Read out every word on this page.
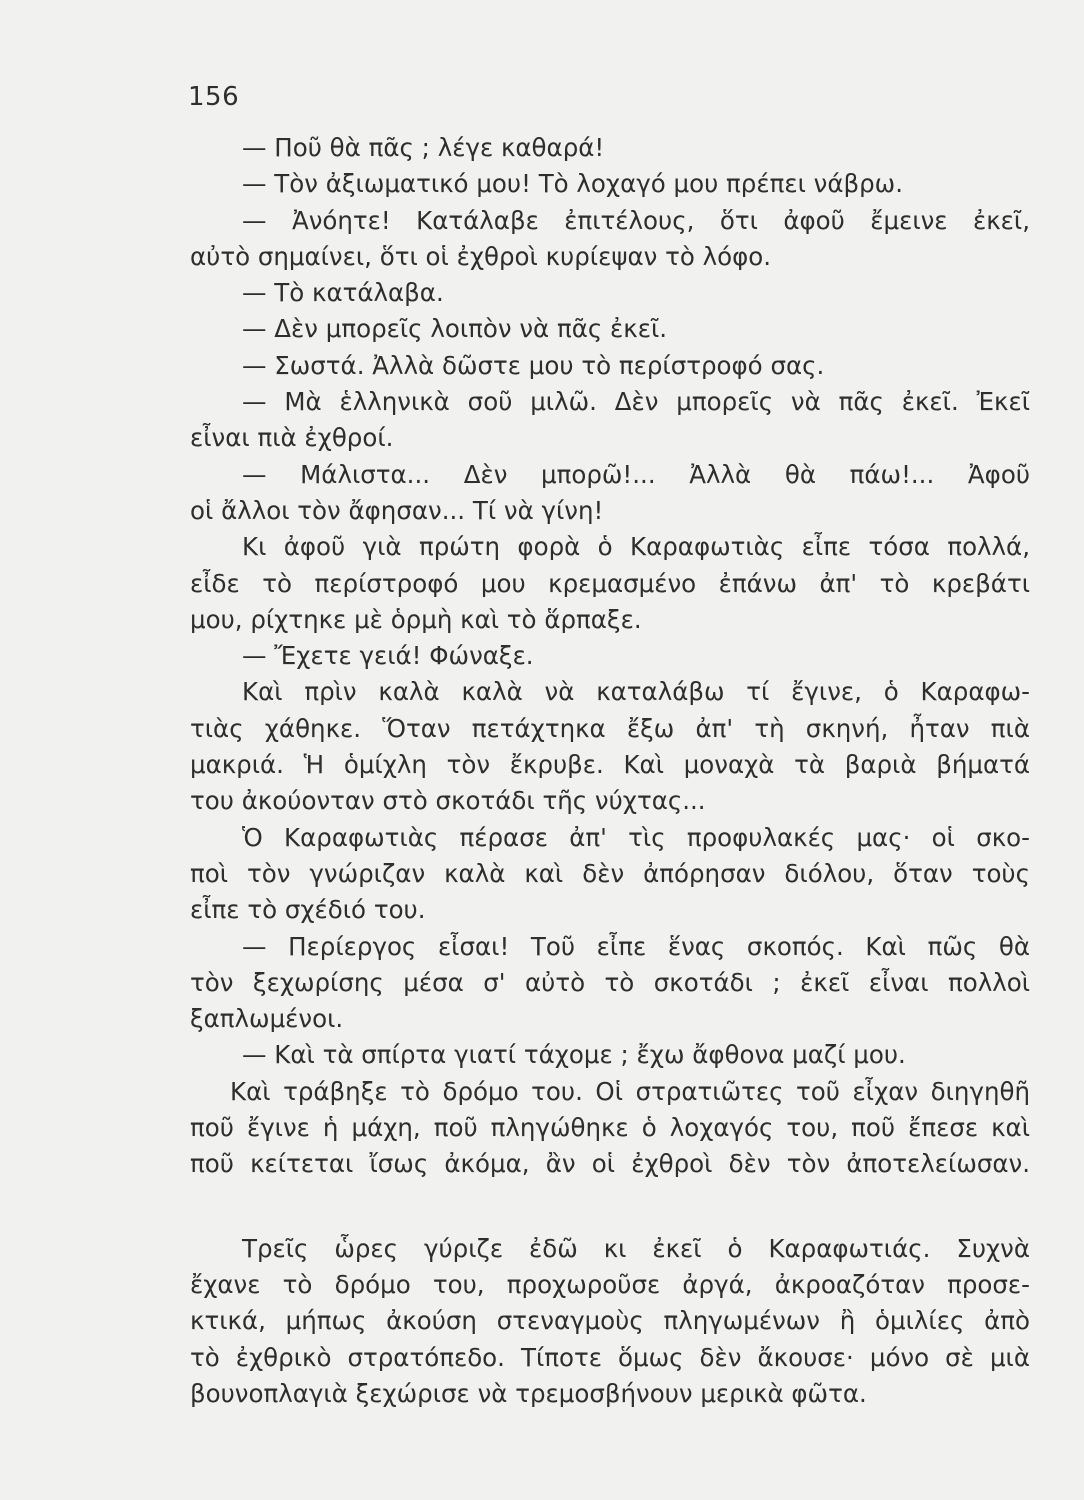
156
— Ποῦ θὰ πᾶς ; λέγε καθαρά!
— Τὸν ἀξιωματικό μου! Τὸ λοχαγό μου πρέπει νάβρω.
— Ἀνόητε! Κατάλαβε ἐπιτέλους, ὅτι ἀφοῦ ἔμεινε ἐκεῖ,
αὐτὸ σημαίνει, ὅτι οἱ ἐχθροὶ κυρίεψαν τὸ λόφο.
— Τὸ κατάλαβα.
— Δὲν μπορεῖς λοιπὸν νὰ πᾶς ἐκεῖ.
— Σωστά. Ἀλλὰ δῶστε μου τὸ περίστροφό σας.
— Μὰ ἑλληνικὰ σοῦ μιλῶ. Δὲν μπορεῖς νὰ πᾶς ἐκεῖ. Ἐκεῖ
εἶναι πιὰ ἐχθροί.
— Μάλιστα... Δὲν μπορῶ!... Ἀλλὰ θὰ πάω!... Ἀφοῦ
οἱ ἄλλοι τὸν ἄφησαν... Τί νὰ γίνη!
Κι ἀφοῦ γιὰ πρώτη φορὰ ὁ Καραφωτιὰς εἶπε τόσα πολλά,
εἶδε τὸ περίστροφό μου κρεμασμένο ἐπάνω ἀπ' τὸ κρεβάτι
μου, ρίχτηκε μὲ ὁρμὴ καὶ τὸ ἅρπαξε.
— Ἔχετε γειά! Φώναξε.
Καὶ πρὶν καλὰ καλὰ νὰ καταλάβω τί ἔγινε, ὁ Καραφω-
τιὰς χάθηκε. Ὅταν πετάχτηκα ἔξω ἀπ' τὴ σκηνή, ἦταν πιὰ
μακριά. Ἡ ὁμίχλη τὸν ἔκρυβε. Καὶ μοναχὰ τὰ βαριὰ βήματά
του ἀκούονταν στὸ σκοτάδι τῆς νύχτας...
Ὁ Καραφωτιὰς πέρασε ἀπ' τὶς προφυλακές μας· οἱ σκο-
ποὶ τὸν γνώριζαν καλὰ καὶ δὲν ἀπόρησαν διόλου, ὅταν τοὺς
εἶπε τὸ σχέδιό του.
— Περίεργος εἶσαι! Τοῦ εἶπε ἕνας σκοπός. Καὶ πῶς θὰ
τὸν ξεχωρίσης μέσα σ' αὐτὸ τὸ σκοτάδι ; ἐκεῖ εἶναι πολλοὶ
ξαπλωμένοι.
— Καὶ τὰ σπίρτα γιατί τάχομε ; ἔχω ἄφθονα μαζί μου.
Καὶ τράβηξε τὸ δρόμο του. Οἱ στρατιῶτες τοῦ εἶχαν διηγηθῆ
ποῦ ἔγινε ἡ μάχη, ποῦ πληγώθηκε ὁ λοχαγός του, ποῦ ἔπεσε καὶ
ποῦ κείτεται ἴσως ἀκόμα, ἂν οἱ ἐχθροὶ δὲν τὸν ἀποτελείωσαν.
Τρεῖς ὧρες γύριζε ἐδῶ κι ἐκεῖ ὁ Καραφωτιάς. Συχνὰ
ἔχανε τὸ δρόμο του, προχωροῦσε ἀργά, ἀκροαζόταν προσε-
κτικά, μήπως ἀκούση στεναγμοὺς πληγωμένων ἢ ὁμιλίες ἀπὸ
τὸ ἐχθρικὸ στρατόπεδο. Τίποτε ὅμως δὲν ἄκουσε· μόνο σὲ μιὰ
βουνοπλαγιὰ ξεχώρισε νὰ τρεμοσβήνουν μερικὰ φῶτα.
